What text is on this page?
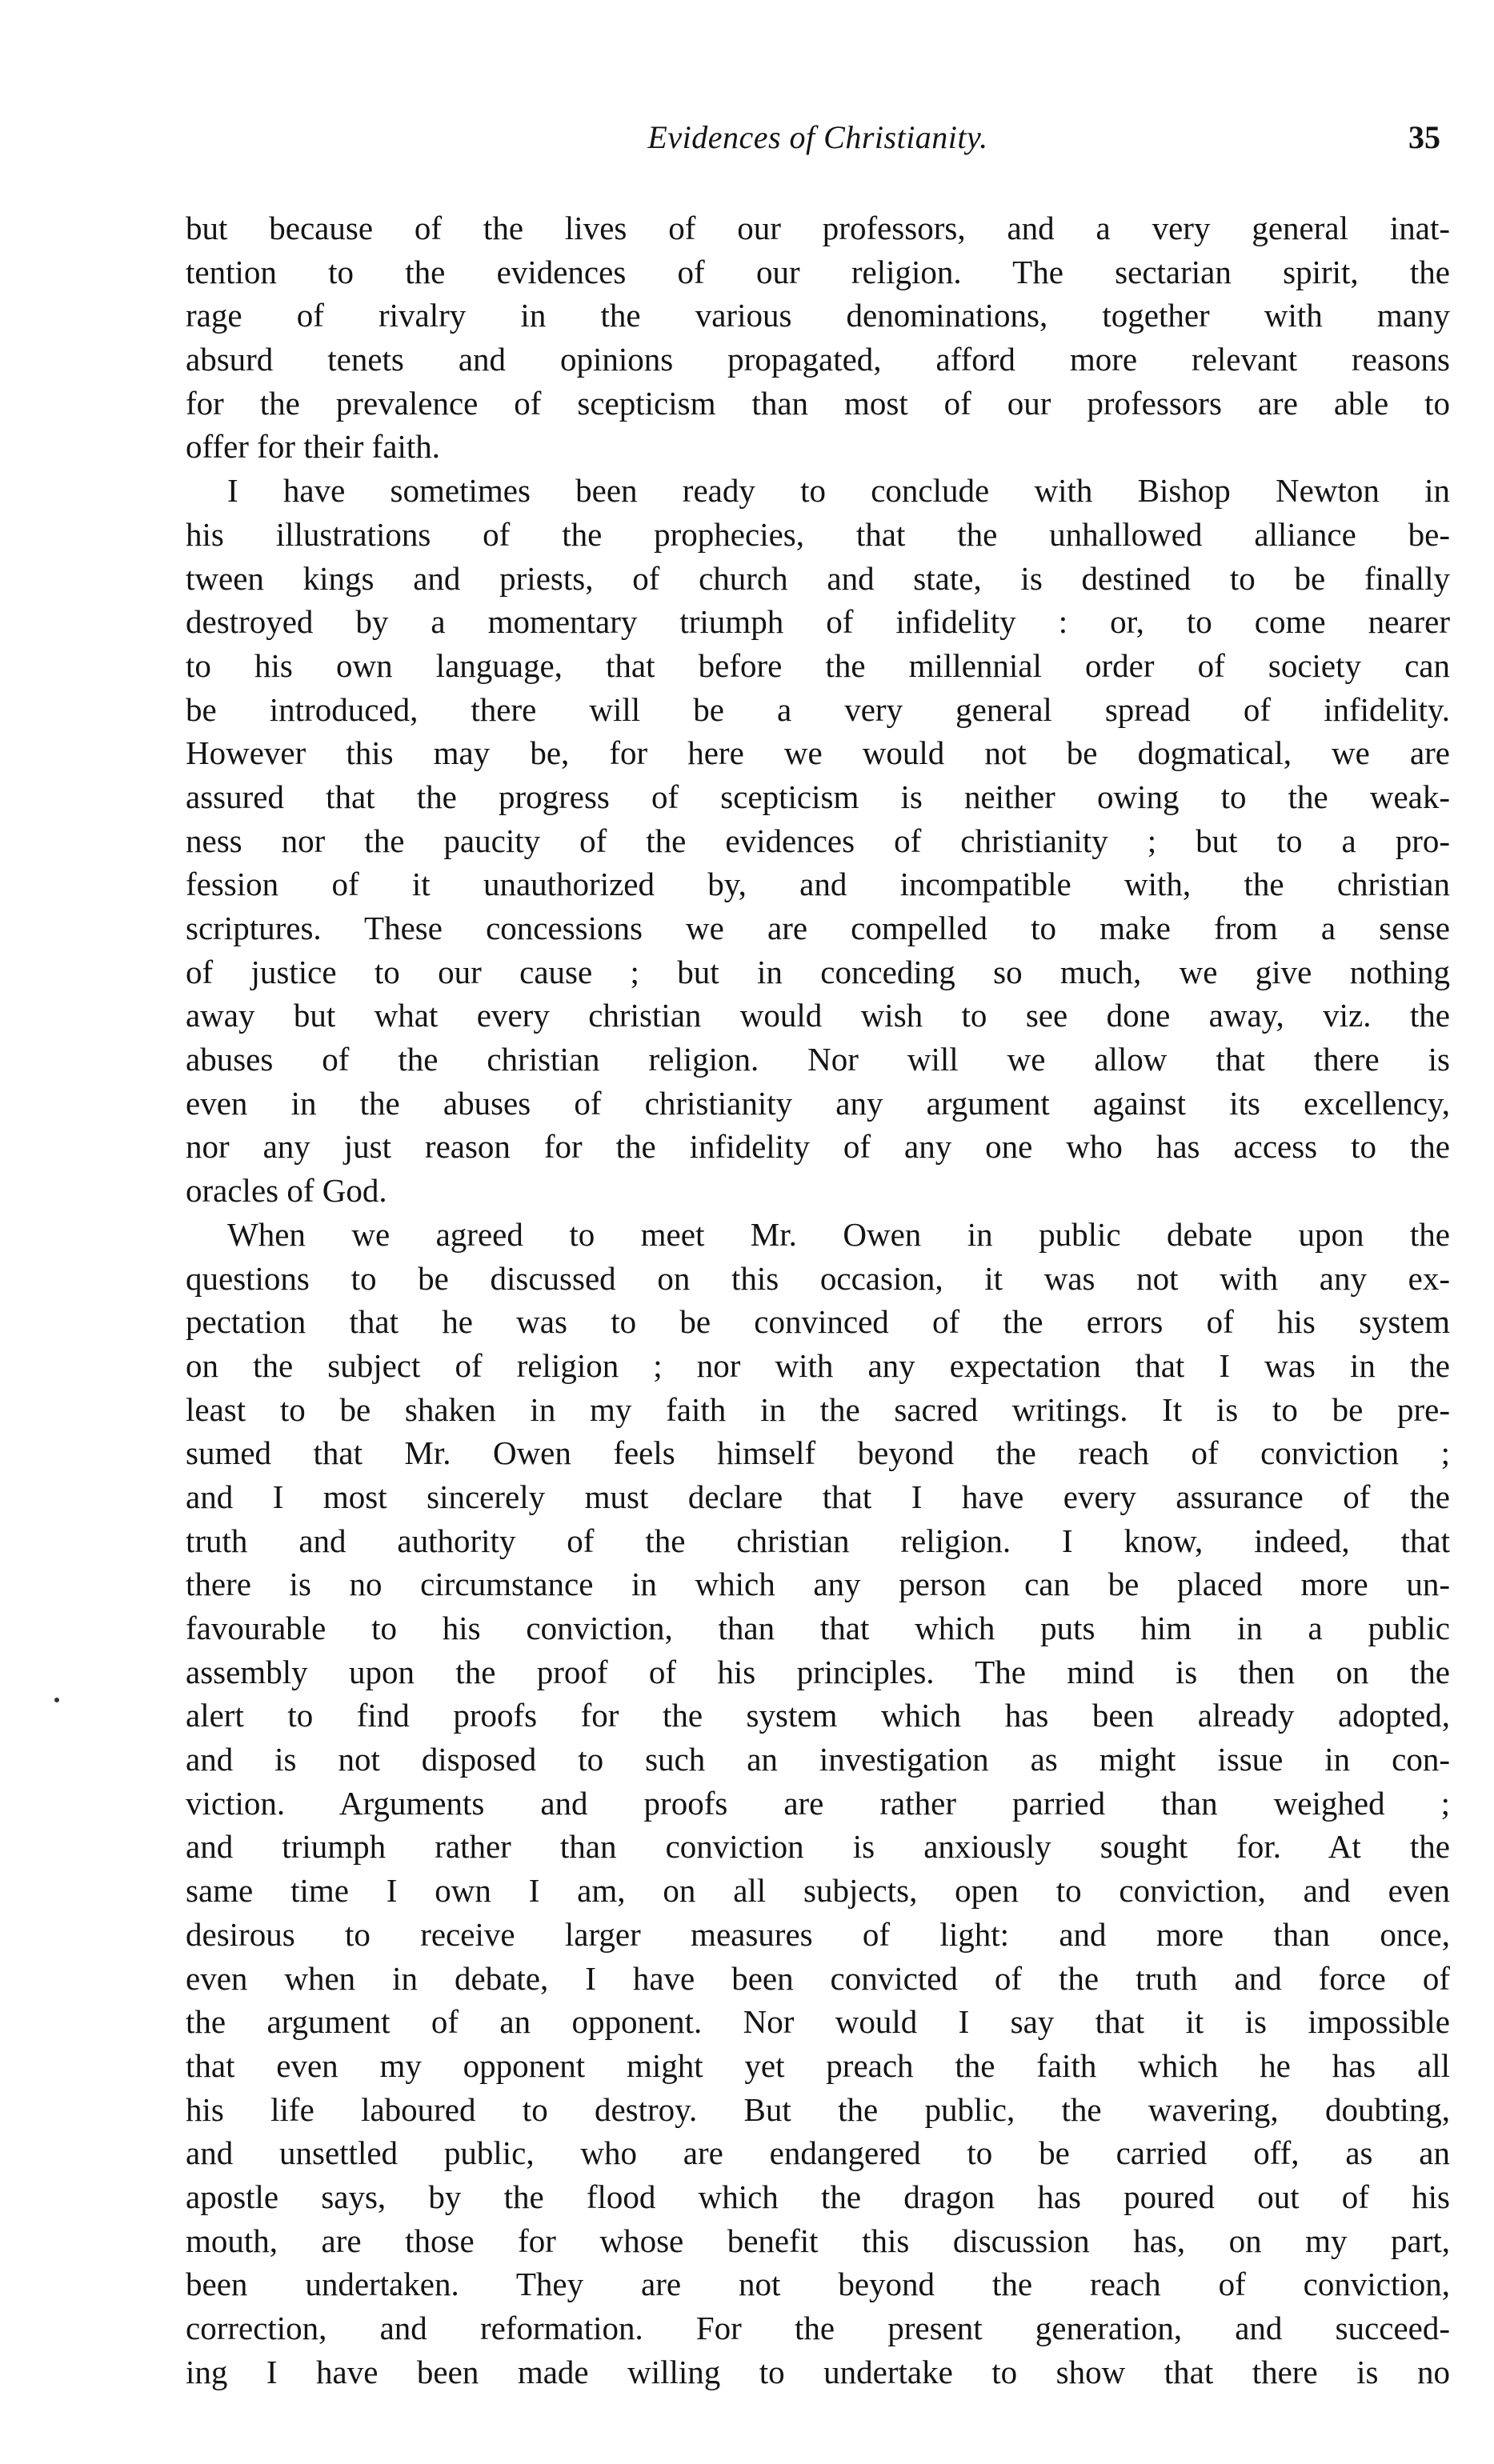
Evidences of Christianity.	35
but because of the lives of our professors, and a very general inat-
tention to the evidences of our religion. The sectarian spirit, the
rage of rivalry in the various denominations, together with many
absurd tenets and opinions propagated, afford more relevant reasons
for the prevalence of scepticism than most of our professors are able to
offer for their faith.
I have sometimes been ready to conclude with Bishop Newton in
his illustrations of the prophecies, that the unhallowed alliance be-
tween kings and priests, of church and state, is destined to be finally
destroyed by a momentary triumph of infidelity : or, to come nearer
to his own language, that before the millennial order of society can
be introduced, there will be a very general spread of infidelity.
However this may be, for here we would not be dogmatical, we are
assured that the progress of scepticism is neither owing to the weak-
ness nor the paucity of the evidences of christianity ; but to a pro-
fession of it unauthorized by, and incompatible with, the christian
scriptures. These concessions we are compelled to make from a sense
of justice to our cause ; but in conceding so much, we give nothing
away but what every christian would wish to see done away, viz. the
abuses of the christian religion. Nor will we allow that there is
even in the abuses of christianity any argument against its excellency,
nor any just reason for the infidelity of any one who has access to the
oracles of God.
When we agreed to meet Mr. Owen in public debate upon the
questions to be discussed on this occasion, it was not with any ex-
pectation that he was to be convinced of the errors of his system
on the subject of religion ; nor with any expectation that I was in the
least to be shaken in my faith in the sacred writings. It is to be pre-
sumed that Mr. Owen feels himself beyond the reach of conviction ;
and I most sincerely must declare that I have every assurance of the
truth and authority of the christian religion. I know, indeed, that
there is no circumstance in which any person can be placed more un-
favourable to his conviction, than that which puts him in a public
assembly upon the proof of his principles. The mind is then on the
alert to find proofs for the system which has been already adopted,
and is not disposed to such an investigation as might issue in con-
viction. Arguments and proofs are rather parried than weighed ;
and triumph rather than conviction is anxiously sought for. At the
same time I own I am, on all subjects, open to conviction, and even
desirous to receive larger measures of light: and more than once,
even when in debate, I have been convicted of the truth and force of
the argument of an opponent. Nor would I say that it is impossible
that even my opponent might yet preach the faith which he has all
his life laboured to destroy. But the public, the wavering, doubting,
and unsettled public, who are endangered to be carried off, as an
apostle says, by the flood which the dragon has poured out of his
mouth, are those for whose benefit this discussion has, on my part,
been undertaken. They are not beyond the reach of conviction,
correction, and reformation. For the present generation, and succeed-
ing I have been made willing to undertake to show that there is no
